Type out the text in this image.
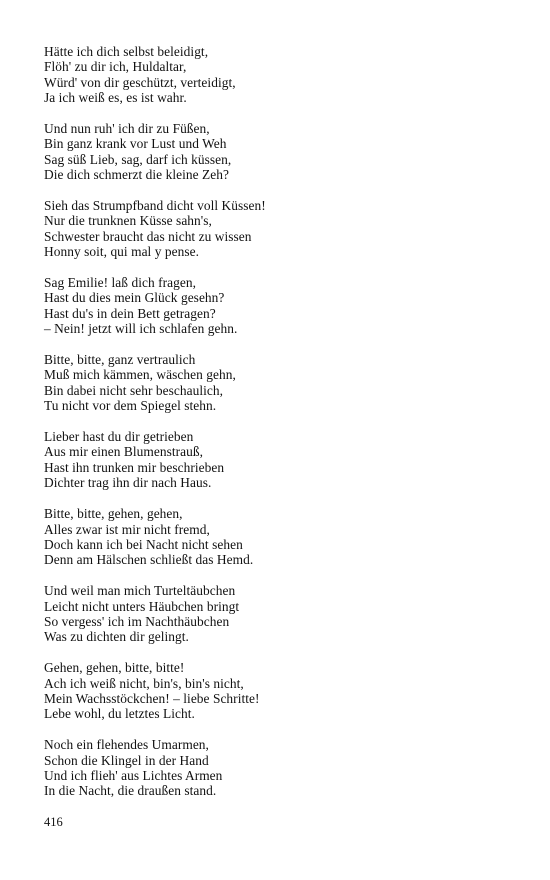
Hätte ich dich selbst beleidigt,
Flöh' zu dir ich, Huldaltar,
Würd' von dir geschützt, verteidigt,
Ja ich weiß es, es ist wahr.
Und nun ruh' ich dir zu Füßen,
Bin ganz krank vor Lust und Weh
Sag süß Lieb, sag, darf ich küssen,
Die dich schmerzt die kleine Zeh?
Sieh das Strumpfband dicht voll Küssen!
Nur die trunknen Küsse sahn's,
Schwester braucht das nicht zu wissen
Honny soit, qui mal y pense.
Sag Emilie! laß dich fragen,
Hast du dies mein Glück gesehn?
Hast du's in dein Bett getragen?
– Nein! jetzt will ich schlafen gehn.
Bitte, bitte, ganz vertraulich
Muß mich kämmen, wäschen gehn,
Bin dabei nicht sehr beschaulich,
Tu nicht vor dem Spiegel stehn.
Lieber hast du dir getrieben
Aus mir einen Blumenstrauß,
Hast ihn trunken mir beschrieben
Dichter trag ihn dir nach Haus.
Bitte, bitte, gehen, gehen,
Alles zwar ist mir nicht fremd,
Doch kann ich bei Nacht nicht sehen
Denn am Hälschen schließt das Hemd.
Und weil man mich Turteltäubchen
Leicht nicht unters Häubchen bringt
So vergess' ich im Nachthäubchen
Was zu dichten dir gelingt.
Gehen, gehen, bitte, bitte!
Ach ich weiß nicht, bin's, bin's nicht,
Mein Wachsstöckchen! – liebe Schritte!
Lebe wohl, du letztes Licht.
Noch ein flehendes Umarmen,
Schon die Klingel in der Hand
Und ich flieh' aus Lichtes Armen
In die Nacht, die draußen stand.
416
